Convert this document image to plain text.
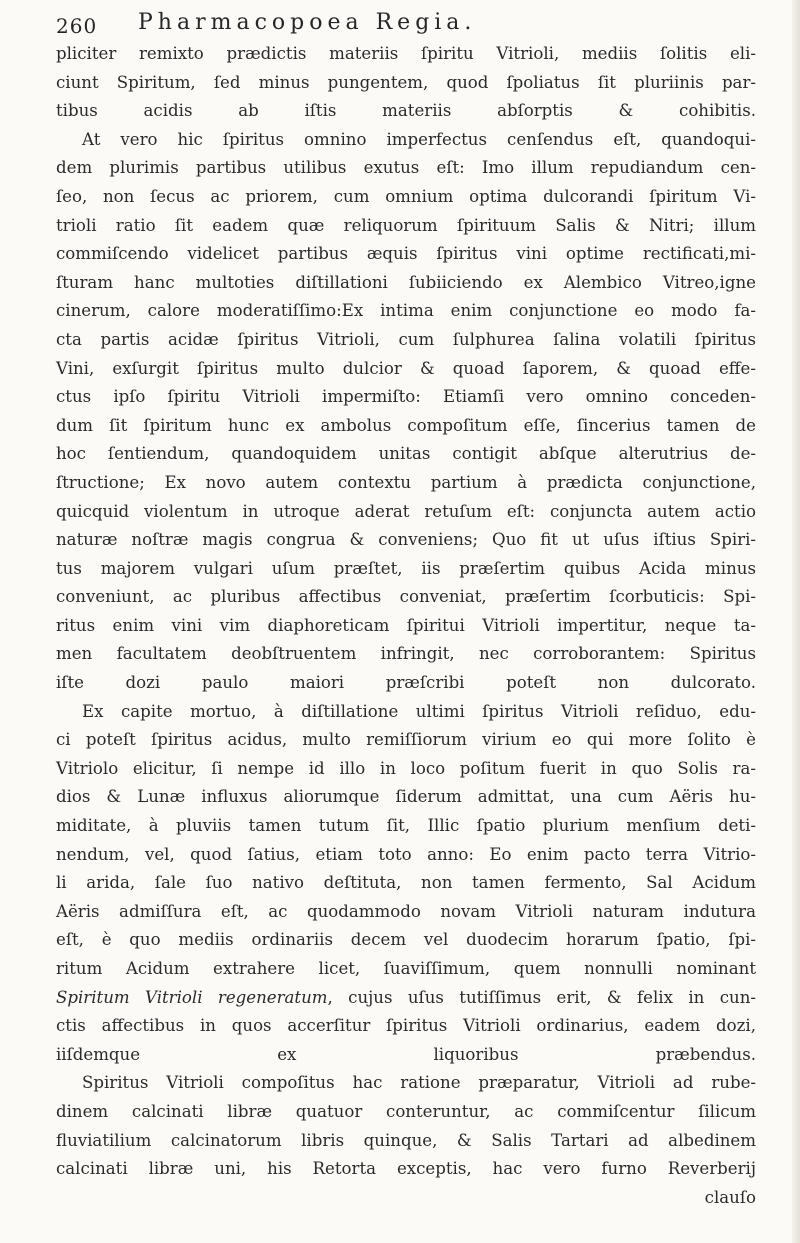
260 Pharmacopoea Regia.
pliciter remixto prædictis materiis ſpiritu Vitrioli, mediis ſolitis eli-
ciunt Spiritum, ſed minus pungentem, quod ſpoliatus ſit pluriinis par-
tibus acidis ab iſtis materiis abſorptis & cohibitis.
At vero hic ſpiritus omnino imperfectus cenſendus eſt, quandoqui-
dem plurimis partibus utilibus exutus eſt: Imo illum repudiandum cen-
ſeo, non ſecus ac priorem, cum omnium optima dulcorandi ſpiritum Vi-
trioli ratio ſit eadem quæ reliquorum ſpirituum Salis & Nitri; illum
commiſcendo videlicet partibus æquis ſpiritus vini optime rectificati,mi-
ſturam hanc multoties diſtillationi ſubiiciendo ex Alembico Vitreo,igne
cinerum, calore moderatiſſimo:Ex intima enim conjunctione eo modo fa-
cta partis acidæ ſpiritus Vitrioli, cum ſulphurea ſalina volatili ſpiritus
Vini, exſurgit ſpiritus multo dulcior & quoad ſaporem, & quoad effe-
ctus ipſo ſpiritu Vitrioli impermiſto: Etiamſi vero omnino conceden-
dum ſit ſpiritum hunc ex ambolus compoſitum eſſe, ſincerius tamen de
hoc ſentiendum, quandoquidem unitas contigit abſque alterutrius de-
ſtructione; Ex novo autem contextu partium à prædicta conjunctione,
quicquid violentum in utroque aderat retuſum eſt: conjuncta autem actio
naturæ noſtræ magis congrua & conveniens; Quo fit ut uſus iſtius Spiri-
tus majorem vulgari uſum præſtet, iis præſertim quibus Acida minus
conveniunt, ac pluribus affectibus conveniat, præſertim ſcorbuticis: Spi-
ritus enim vini vim diaphoreticam ſpiritui Vitrioli impertitur, neque ta-
men facultatem deobſtruentem infringit, nec corroborantem: Spiritus
iſte dozi paulo maiori præſcribi poteſt non dulcorato.
Ex capite mortuo, à diſtillatione ultimi ſpiritus Vitrioli reſiduo, edu-
ci poteſt ſpiritus acidus, multo remiſſiorum virium eo qui more ſolito è
Vitriolo elicitur, ſi nempe id illo in loco poſitum fuerit in quo Solis ra-
dios & Lunæ influxus aliorumque ſiderum admittat, una cum Aëris hu-
miditate, à pluviis tamen tutum ſit, Illic ſpatio plurium menſium deti-
nendum, vel, quod ſatius, etiam toto anno: Eo enim pacto terra Vitrio-
li arida, ſale ſuo nativo deſtituta, non tamen fermento, Sal Acidum
Aëris admiſſura eſt, ac quodammodo novam Vitrioli naturam indutura
eſt, è quo mediis ordinariis decem vel duodecim horarum ſpatio, ſpi-
ritum Acidum extrahere licet, ſuaviſſimum, quem nonnulli nominant
Spiritum Vitrioli regeneratum, cujus uſus tutiſſimus erit, & felix in cun-
ctis affectibus in quos accerſitur ſpiritus Vitrioli ordinarius, eadem dozi,
iiſdemque ex liquoribus præbendus.
Spiritus Vitrioli compoſitus hac ratione præparatur, Vitrioli ad rube-
dinem calcinati libræ quatuor conteruntur, ac commiſcentur ſilicum
fluviatilium calcinatorum libris quinque, & Salis Tartari ad albedinem
calcinati libræ uni, his Retorta exceptis, hac vero furno Reverberij
clauſo
